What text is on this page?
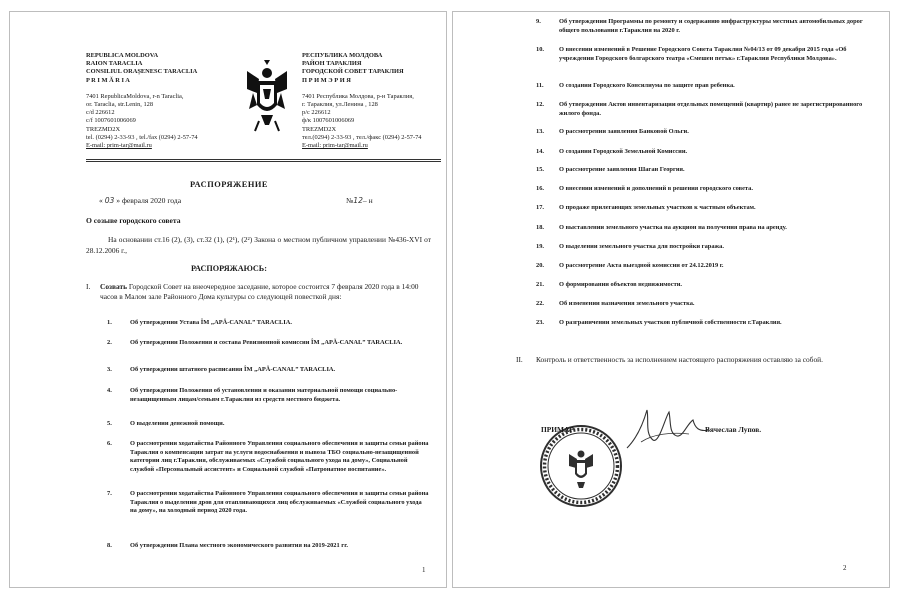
REPUBLICA MOLDOVA
RAION TARACLIA
CONSILIUL ORAȘENESC TARACLIA
P R I M Ă R I A
7401 RepublicaMoldova, r-n Taraclia,
or. Taraclia, str.Lenin, 128
c/d 226612
c/f 1007601006069
TREZMD2X
tel. (0294) 2-33-93 , tel./fax (0294) 2-57-74
E-mail: prim-tar@mail.ru
РЕСПУБЛИКА МОЛДОВА
РАЙОН ТАРАКЛИЯ
ГОРОДСКОЙ СОВЕТ ТАРАКЛИЯ
П Р И М Э Р И Я
7401 Республика Молдова, р-н Тараклия,
г. Тараклия, ул.Ленина , 128
р/с 226612
ф/к 1007601006069
TREZMD2X
тел.(0294) 2-33-93 , тел./факс (0294) 2-57-74
E-mail: prim-tar@mail.ru
РАСПОРЯЖЕНИЕ
« 03 » февраля 2020 года	№12– н
О созыве городского совета
На основании ст.16 (2), (3), ст.32 (1), (2¹), (2²) Закона о местном публичном управлении №436-XVI от 28.12.2006 г.,
РАСПОРЯЖАЮСЬ:
I. Созвать Городской Совет на внеочередное заседание, которое состоится 7 февраля 2020 года в 14:00 часов в Малом зале Районного Дома культуры со следующей повесткой дня:
1.	Об утверждении Устава ÎM „APĂ-CANAL” TARACLIA.
2.	Об утверждении Положения и состава Ревизионной комиссии ÎM „APĂ-CANAL” TARACLIA.
3.	Об утверждении штатного расписания ÎM „APĂ-CANAL” TARACLIA.
4.	Об утверждении Положения об установлении и оказании материальной помощи социально-незащищенным лицам/семьям г.Тараклия из средств местного бюджета.
5.	О выделении денежной помощи.
6.	О рассмотрении ходатайства Районного Управления социального обеспечения и защиты семьи района Тараклия о компенсации затрат на услуги водоснабжения и вывоза ТБО социально-незащищенной категории лиц г.Тараклия, обслуживаемых «Службой социального ухода на дому», Социальной службой «Персональный ассистент» и Социальной службой «Патронатное воспитание».
7.	О рассмотрении ходатайства Районного Управления социального обеспечения и защиты семьи района Тараклия о выделении дров для отапливающихся лиц обслуживаемых «Службой социального ухода на дому», на холодный период 2020 года.
8.	Об утверждении Плана местного экономического развития на 2019-2021 гг.
1
9.	Об утверждении Программы по ремонту и содержанию инфраструктуры местных автомобильных дорог общего пользования г.Тараклия на 2020 г.
10. О внесении изменений в Решение Городского Совета Тараклия №04/13 от 09 декабря 2015 года «Об учреждении Городского болгарского театра «Смешен петък» г.Тараклия Республики Молдова».
11. О создании Городского Консилиума по защите прав ребенка.
12. Об утверждении Актов инвентаризации отдельных помещений (квартир) ранее не зарегистрированного жилого фонда.
13. О рассмотрении заявления Банковой Ольги.
14. О создании Городской Земельной Комиссии.
15. О рассмотрение заявления Шаган Георгия.
16. О внесении изменений и дополнений в решения городского совета.
17. О продаже прилегающих земельных участков к частным объектам.
18. О выставлении земельного участка на аукцион на получения права на аренду.
19. О выделении земельного участка для постройки гаража.
20. О рассмотрение Акта выездной комиссии от 24.12.2019 г.
21. О формировании объектов недвижимости.
22. Об изменении назначения земельного участка.
23. О разграничении земельных участков публичной собственности г.Тараклия.
II. Контроль и ответственность за исполнением настоящего распоряжения оставляю за собой.
ПРИМАР	Вячеслав Лупов.
2
